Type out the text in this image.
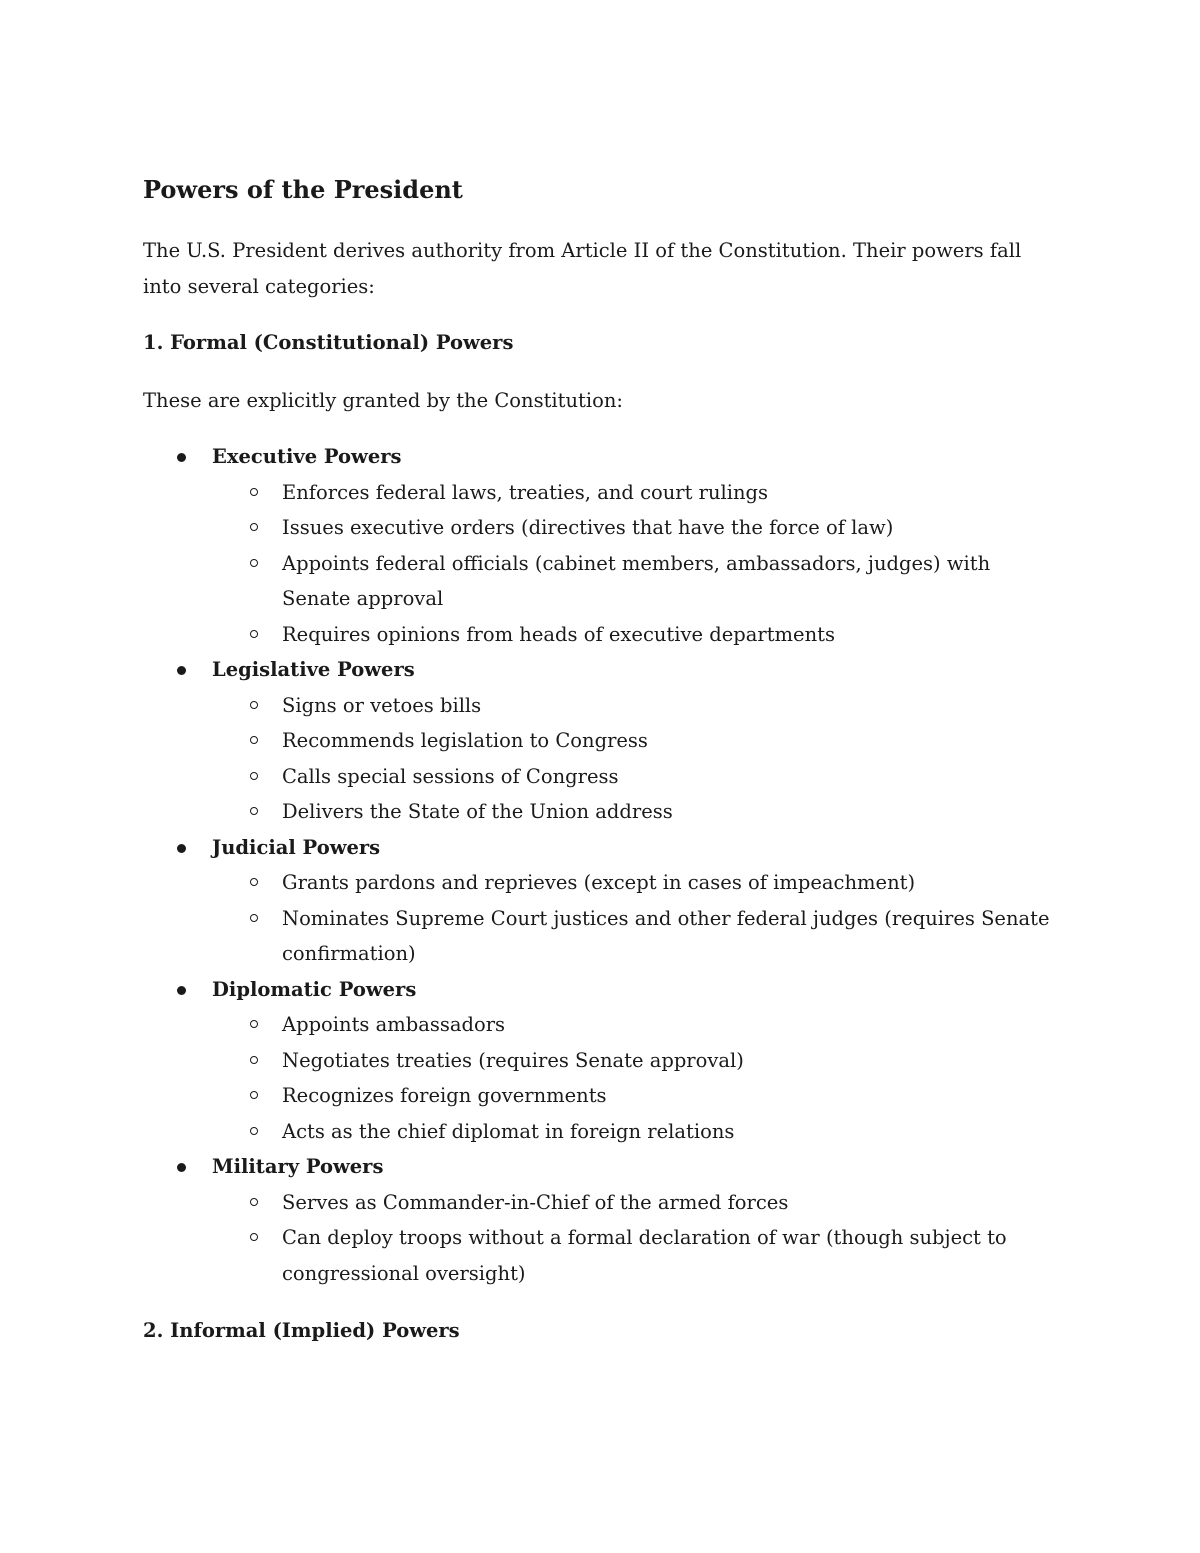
Powers of the President

The U.S. President derives authority from Article II of the Constitution. Their powers fall into several categories:

1. Formal (Constitutional) Powers

These are explicitly granted by the Constitution:

Executive Powers
Enforces federal laws, treaties, and court rulings
Issues executive orders (directives that have the force of law)
Appoints federal officials (cabinet members, ambassadors, judges) with Senate approval
Requires opinions from heads of executive departments
Legislative Powers
Signs or vetoes bills
Recommends legislation to Congress
Calls special sessions of Congress
Delivers the State of the Union address
Judicial Powers
Grants pardons and reprieves (except in cases of impeachment)
Nominates Supreme Court justices and other federal judges (requires Senate confirmation)
Diplomatic Powers
Appoints ambassadors
Negotiates treaties (requires Senate approval)
Recognizes foreign governments
Acts as the chief diplomat in foreign relations
Military Powers
Serves as Commander-in-Chief of the armed forces
Can deploy troops without a formal declaration of war (though subject to congressional oversight)
2. Informal (Implied) Powers
